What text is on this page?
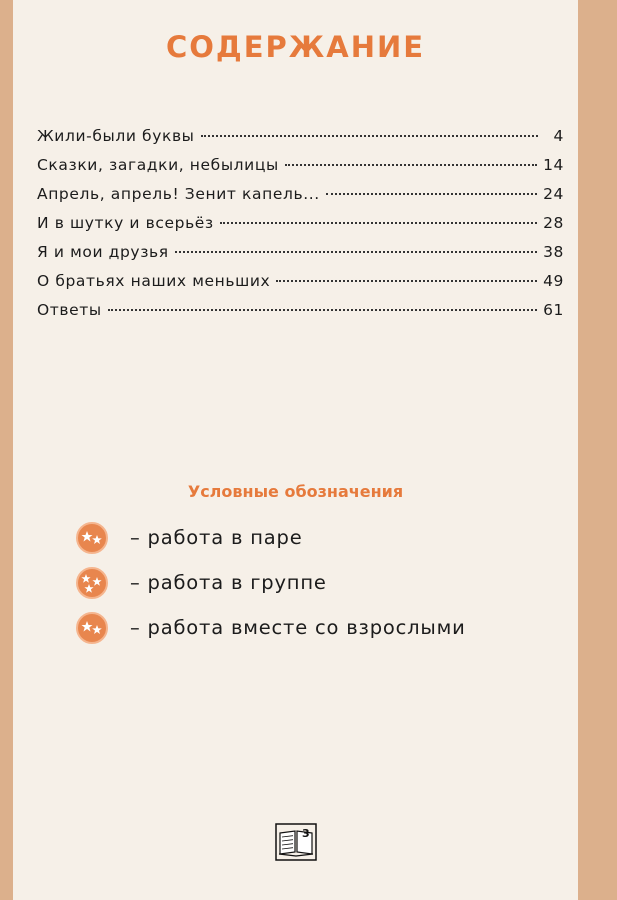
СОДЕРЖАНИЕ
Жили-были буквы	4
Сказки, загадки, небылицы	14
Апрель, апрель! Зенит капель...	24
И в шутку и всерьёз	28
Я и мои друзья	38
О братьях наших меньших	49
Ответы	61
Условные обозначения
– работа в паре
– работа в группе
– работа вместе со взрослыми
3
